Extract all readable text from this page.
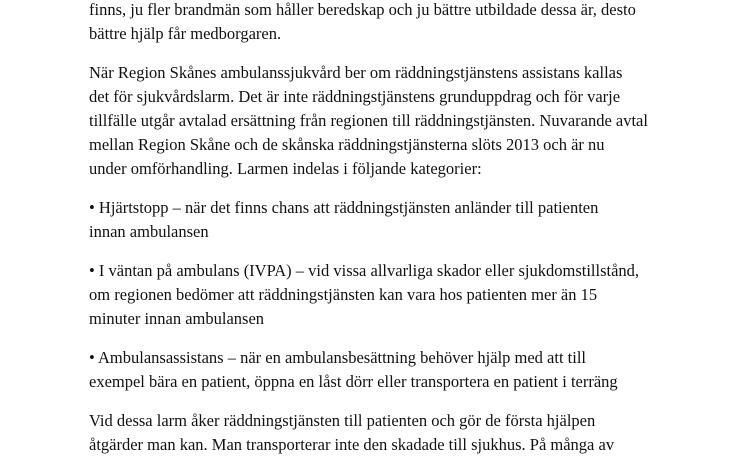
finns, ju fler brandmän som håller beredskap och ju bättre utbildade dessa är, desto
bättre hjälp får medborgaren.

När Region Skånes ambulanssjukvård ber om räddningstjänstens assistans kallas
det för sjukvårdslarm. Det är inte räddningstjänstens grunduppdrag och för varje
tillfälle utgår avtalad ersättning från regionen till räddningstjänsten. Nuvarande avtal
mellan Region Skåne och de skånska räddningstjänsterna slöts 2013 och är nu
under omförhandling. Larmen indelas i följande kategorier:

• Hjärtstopp – när det finns chans att räddningstjänsten anländer till patienten
innan ambulansen

• I väntan på ambulans (IVPA) – vid vissa allvarliga skador eller sjukdomstillstånd,
om regionen bedömer att räddningstjänsten kan vara hos patienten mer än 15
minuter innan ambulansen

• Ambulansassistans – när en ambulansbesättning behöver hjälp med att till
exempel bära en patient, öppna en låst dörr eller transportera en patient i terräng

Vid dessa larm åker räddningstjänsten till patienten och gör de första hjälpen
åtgärder man kan. Man transporterar inte den skadade till sjukhus. På många av
